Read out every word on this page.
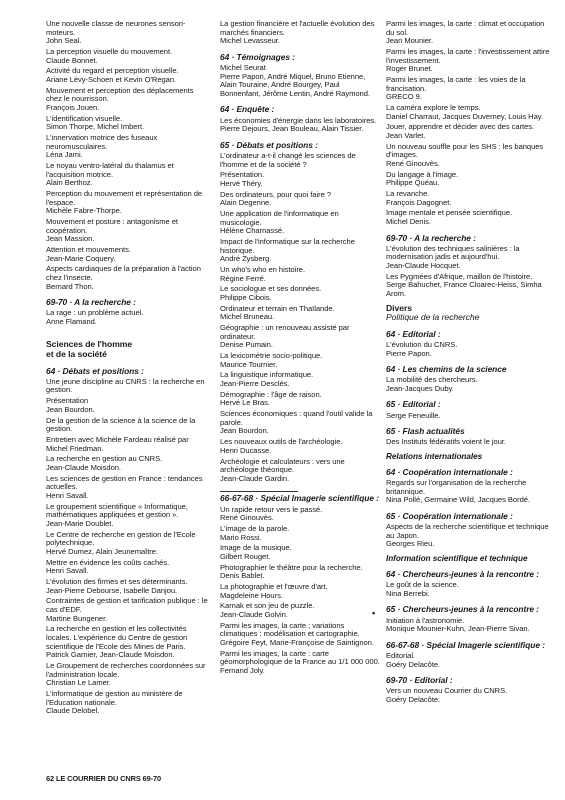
Une nouvelle classe de neurones sensori-moteurs.
John Seal.
La perception visuelle du mouvement.
Claude Bonnet.
Activité du regard et perception visuelle.
Ariane Lévy-Schoen et Kevin O'Regan.
Mouvement et perception des déplacements chez le nourrisson.
François Jouen.
L'identification visuelle.
Simon Thorpe, Michel Imbert.
L'innervation motrice des fuseaux neuromusculaires.
Léna Jami.
Le noyau ventro-latéral du thalamus et l'acquisition motrice.
Alain Berthoz.
Perception du mouvement et représentation de l'espace.
Michèle Fabre-Thorpe.
Mouvement et posture : antagonisme et coopération.
Jean Massion.
Attention et mouvements.
Jean-Marie Coquery.
Aspects cardiaques de la préparation à l'action chez l'insecte.
Bernard Thon.
69-70 · A la recherche :
La rage : un problème actuel.
Anne Flamand.
Sciences de l'homme
et de la société
64 · Débats et positions :
Une jeune discipline au CNRS : la recherche en gestion.
Présentation
Jean Bourdon.
De la gestion de la science à la science de la gestion.
Entretien avec Michèle Fardeau réalisé par
Michel Friedman.
La recherche en gestion au CNRS.
Jean-Claude Moisdon.
Les sciences de gestion en France : tendances actuelles.
Henri Savall.
Le groupement scientifique « Informatique, mathématiques appliquées et gestion ».
Jean-Marie Doublet.
Le Centre de recherche en gestion de l'Ecole polytechnique.
Hervé Dumez, Alain Jeunemaître.
Mettre en évidence les coûts cachés.
Henri Savall.
L'évolution des firmes et ses déterminants.
Jean-Pierre Debourse, Isabelle Danjou.
Contraintes de gestion et tarification publique : le cas d'EDF.
Martine Bungener.
La recherche en gestion et les collectivités locales. L'expérience du Centre de gestion scientifique de l'Ecole des Mines de Paris.
Patrick Garnier, Jean-Claude Moisdon.
Le Groupement de recherches coordonnées sur l'administration locale.
Christian Le Lamer.
L'informatique de gestion au ministère de l'Education nationale.
Claude Delobel.
La gestion financière et l'actuelle évolution des marchés financiers.
Michel Levasseur.
64 · Témoignages :
Michel Seurat
Pierre Papon, André Miquel, Bruno Etienne, Alain Touraine, André Bourgey, Paul Bonnenfant, Jérôme Lentin, André Raymond.
64 · Enquête :
Les économies d'énergie dans les laboratoires.
Pierre Dejours, Jean Bouleau, Alain Tissier.
65 · Débats et positions :
L'ordinateur a-t-il changé les sciences de l'homme et de la société ?
Présentation.
Hervé Théry.
Des ordinateurs, pour quoi faire ?
Alain Degenne.
Une application de l'informatique en musicologie.
Hélène Charnassé.
Impact de l'informatique sur la recherche historique.
André Zysberg.
Un who's who en histoire.
Régine Ferré.
Le sociologue et ses données.
Philippe Cibois.
Ordinateur et terrain en Thaïlande.
Michel Bruneau.
Géographie : un renouveau assisté par ordinateur.
Denise Pumain.
La lexicométrie socio-politique.
Maurice Tournier.
La linguistique informatique.
Jean-Pierre Desclés.
Démographie : l'âge de raison.
Hervé Le Bras.
Sciences économiques : quand l'outil valide la parole.
Jean Bourdon.
Les nouveaux outils de l'archéologie.
Henri Ducasse.
Archéologie et calculateurs : vers une archéologie théorique.
Jean-Claude Gardin.
66-67-68 · Spécial Imagerie scientifique :
Un rapide retour vers le passé.
René Ginouvès.
L'image de la parole.
Mario Rossi.
Image de la musique.
Gilbert Rouget.
Photographier le théâtre pour la recherche.
Denis Bablet.
La photographie et l'œuvre d'art.
Magdeleine Hours.
Karnak et son jeu de puzzle.
Jean-Claude Golvin.
Parmi les images, la carte ; variations climatiques : modélisation et cartographie.
Grégoire Feyt, Marie-Françoise de Saintignon.
Parmi les images, la carte : carte géomorphologique de la France au 1/1 000 000.
Fernand Joly.
Parmi les images, la carte : climat et occupation du sol.
Jean Mounier.
Parmi les images, la carte : l'investissement attire l'investissement.
Roger Brunet.
Parmi les images, la carte : les voies de la francisation.
GRECO 9.
La caméra explore le temps.
Daniel Charraut, Jacques Duverney, Louis Hay.
Jouer, apprendre et décider avec des cartes.
Jean Varlet.
Un nouveau souffle pour les SHS : les banques d'images.
René Ginouvès.
Du langage à l'image.
Philippe Quéau.
La revanche.
François Dagognet.
Image mentale et pensée scientifique.
Michel Denis.
69-70 · A la recherche :
L'évolution des techniques salinières : la modernisation jadis et aujourd'hui.
Jean-Claude Hocquet.
Les Pygmées d'Afrique, maillon de l'histoire.
Serge Bahuchet, France Cloarec-Heiss, Simha Arom.
Divers
Politique de la recherche
64 · Editorial :
L'évolution du CNRS.
Pierre Papon.
64 · Les chemins de la science
La mobilité des chercheurs.
Jean-Jacques Duby.
65 · Editorial :
Serge Feneuille.
65 · Flash actualités
Des Instituts fédératifs voient le jour.
Relations internationales
64 · Coopération internationale :
Regards sur l'organisation de la recherche britannique.
Nina Pollé, Germaine Wild, Jacques Bordé.
65 · Coopération internationale :
Aspects de la recherche scientifique et technique au Japon.
Georges Rieu.
Information scientifique et technique
64 · Chercheurs-jeunes à la rencontre :
Le goût de la science.
Nina Berrebi.
65 · Chercheurs-jeunes à la rencontre :
Initiation à l'astronomie.
Monique Mounier-Kuhn, Jean-Pierre Sivan.
66-67-68 · Spécial Imagerie scientifique :
Editorial.
Goéry Delacôte.
69-70 · Editorial :
Vers un nouveau Courrier du CNRS.
Goéry Delacôte.
•
62 LE COURRIER DU CNRS 69-70
